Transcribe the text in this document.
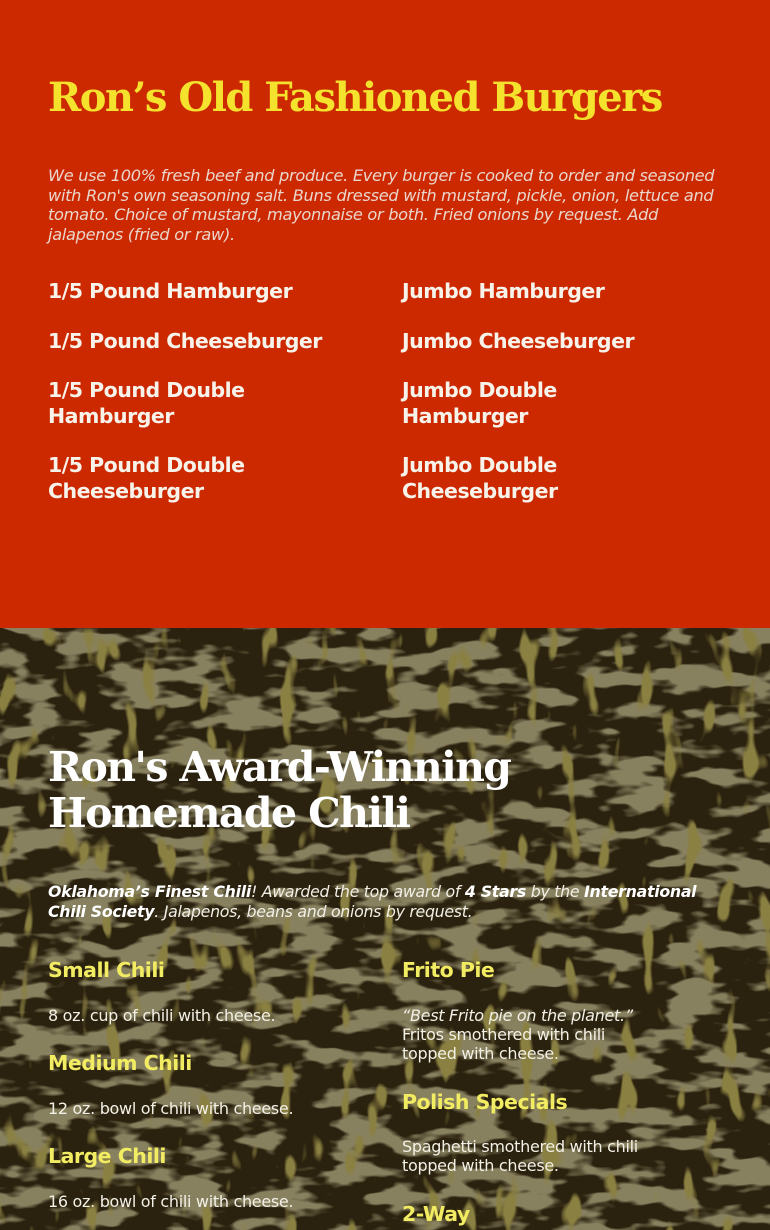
Ron’s Old Fashioned Burgers

We use 100% fresh beef and produce. Every burger is cooked to order and seasoned with Ron's own seasoning salt. Buns dressed with mustard, pickle, onion, lettuce and tomato. Choice of mustard, mayonnaise or both. Fried onions by request. Add jalapenos (fried or raw).

1/5 Pound Hamburger
1/5 Pound Cheeseburger
1/5 Pound Double Hamburger
1/5 Pound Double Cheeseburger
Jumbo Hamburger
Jumbo Cheeseburger
Jumbo Double Hamburger
Jumbo Double Cheeseburger
Ron's Award-Winning Homemade Chili

Oklahoma’s Finest Chili! Awarded the top award of 4 Stars by the International Chili Society. Jalapenos, beans and onions by request.

Small Chili

8 oz. cup of chili with cheese.

Medium Chili

12 oz. bowl of chili with cheese.

Large Chili

16 oz. bowl of chili with cheese.

Frito Pie

“Best Frito pie on the planet.”
Fritos smothered with chili topped with cheese.

Polish Specials

Spaghetti smothered with chili topped with cheese.

2-Way
